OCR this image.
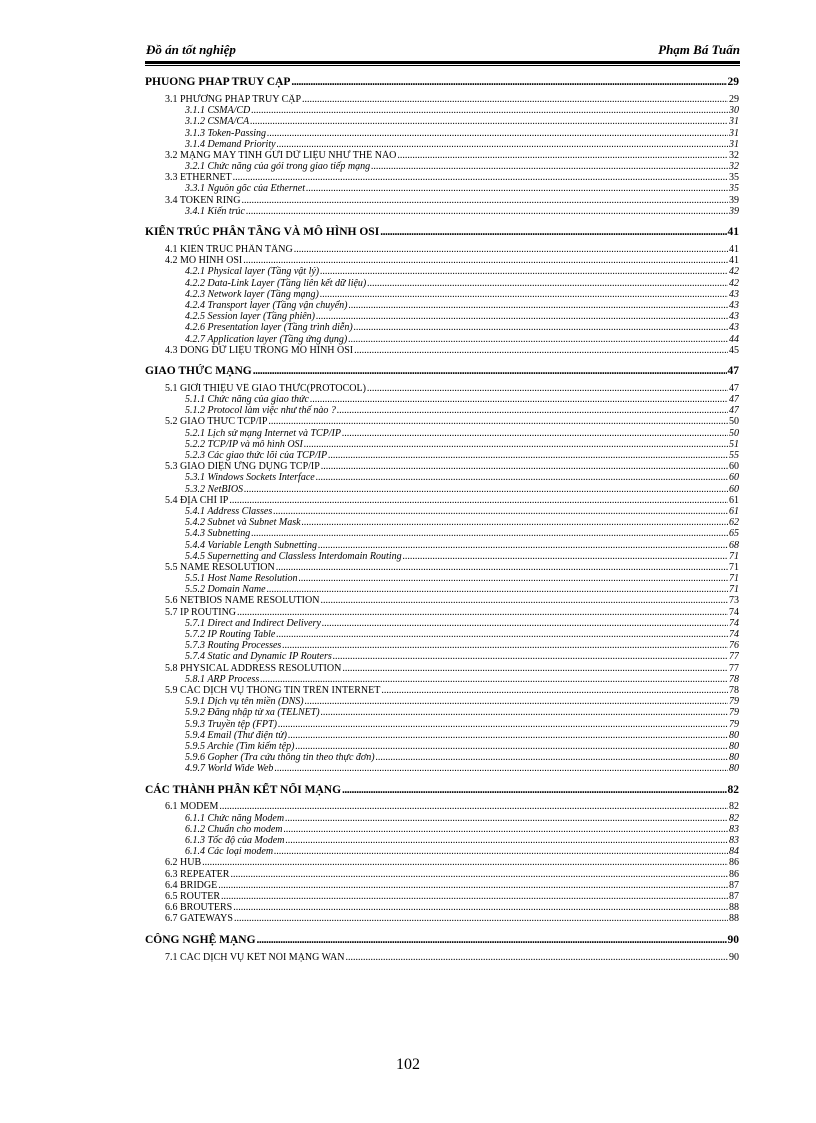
Đồ án tốt nghiệp	Phạm Bá Tuấn
PHUONG PHAP TRUY CẠP .....	29
3.1 PHƯƠNG PHÁP TRUY CẬP .....	29
3.1.1 CSMA/CD .....	30
3.1.2 CSMA/CA .....	31
3.1.3 Token-Passing .....	31
3.1.4 Demand Priority .....	31
3.2 MẠNG MÁY TÍNH GỬI DỮ LIỆU NHƯ THẾ NÀO .....	32
3.2.1 Chức năng của gói trong giao tiếp mạng .....	32
3.3 ETHERNET .....	35
3.3.1 Nguồn gốc của Ethernet .....	35
3.4 TOKEN RING .....	39
3.4.1 Kiến trúc .....	39
KIẾN TRÚC PHÂN TẦNG VÀ MÔ HÌNH OSI .....	41
4.1 KIẾN TRÚC PHÂN TẦNG .....	41
4.2 MÔ HÌNH OSI .....	41
4.2.1 Physical layer (Tầng vật lý) .....	42
4.2.2 Data-Link Layer (Tầng liên kết dữ liệu) .....	42
4.2.3 Network layer (Tầng mạng) .....	43
4.2.4 Transport layer (Tầng vận chuyển) .....	43
4.2.5 Session layer (Tầng phiên) .....	43
4.2.6 Presentation layer (Tầng trình diễn) .....	43
4.2.7 Application layer (Tầng ứng dụng) .....	44
4.3 DÒNG DỮ LIỆU TRONG MÔ HÌNH OSI .....	45
GIAO THỨC MẠNG .....	47
5.1 GIỚI THIỆU VỀ GIAO THỨC(PROTOCOL) .....	47
5.1.1 Chức năng của giao thức .....	47
5.1.2 Protocol làm việc như thế nào ? .....	47
5.2 GIAO THỨC TCP/IP .....	50
5.2.1 Lịch sử mạng Internet và TCP/IP .....	50
5.2.2 TCP/IP và mô hình OSI .....	51
5.2.3 Các giao thức lõi của TCP/IP .....	55
5.3 GIAO DIỆN ỨNG DỤNG TCP/IP .....	60
5.3.1 Windows Sockets Interface .....	60
5.3.2 NetBIOS .....	60
5.4 ĐỊA CHỈ IP .....	61
5.4.1 Address Classes .....	61
5.4.2 Subnet và Subnet Mask .....	62
5.4.3 Subnetting .....	65
5.4.4 Variable Length Subnetting .....	68
5.4.5 Supernetting and Classless Interdomain Routing .....	71
5.5 NAME RESOLUTION .....	71
5.5.1 Host Name Resolution .....	71
5.5.2 Domain Name .....	71
5.6 NETBIOS NAME RESOLUTION .....	73
5.7 IP ROUTING .....	74
5.7.1 Direct and Indirect Delivery .....	74
5.7.2 IP Routing Table .....	74
5.7.3 Routing Processes .....	76
5.7.4 Static and Dynamic IP Routers .....	77
5.8 PHYSICAL ADDRESS RESOLUTION .....	77
5.8.1 ARP Process .....	78
5.9 CÁC DỊCH VỤ THÔNG TIN TRÊN INTERNET .....	78
5.9.1 Dịch vụ tên miền (DNS) .....	79
5.9.2 Đăng nhập từ xa (TELNET) .....	79
5.9.3 Truyền tệp (FPT) .....	79
5.9.4 Email (Thư điện tử) .....	80
5.9.5 Archie (Tìm kiếm tệp) .....	80
5.9.6 Gopher (Tra cứu thông tin theo thực đơn) .....	80
4.9.7 World Wide Web .....	80
CÁC THÀNH PHẦN KẾT NỐI MẠNG .....	82
6.1 MODEM .....	82
6.1.1 Chức năng Modem .....	82
6.1.2 Chuẩn cho modem .....	83
6.1.3 Tốc độ của Modem .....	83
6.1.4 Các loại modem .....	84
6.2 HUB .....	86
6.3 REPEATER .....	86
6.4 BRIDGE .....	87
6.5 ROUTER .....	87
6.6 BROUTERS .....	88
6.7 GATEWAYS .....	88
CÔNG NGHỆ MẠNG .....	90
7.1 CÁC DỊCH VỤ KẾT NỐI MẠNG WAN .....	90
102
